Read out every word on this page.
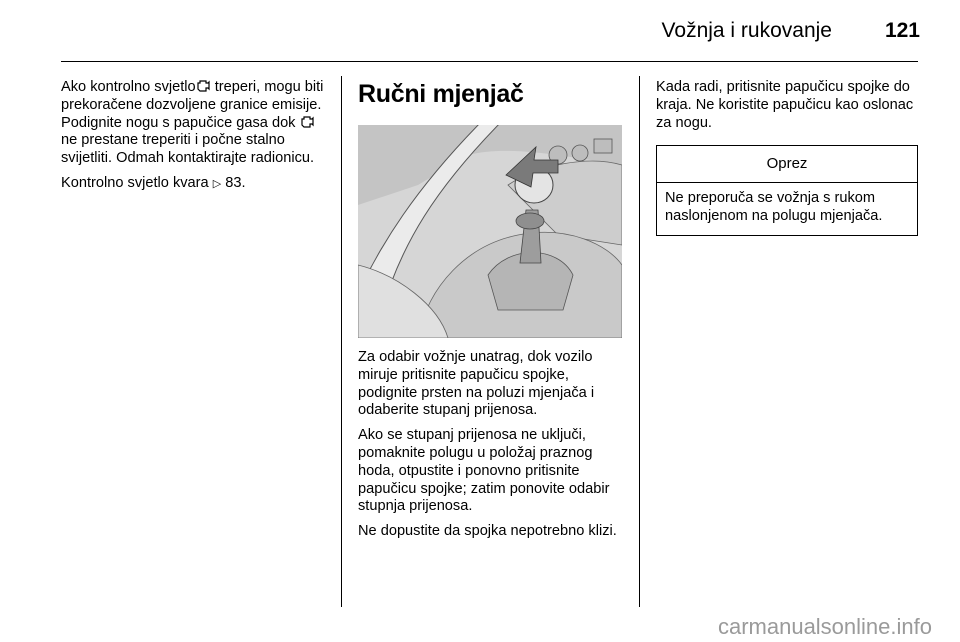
Vožnja i rukovanje	121

Ako kontrolno svjetlo treperi, mogu biti prekoračene dozvoljene granice emisije. Podignite nogu s papučice gasa dok  ne prestane treperiti i počne stalno svijetliti. Odmah kontaktirajte radionicu.

Kontrolno svjetlo kvara ▷ 83.

Ručni mjenjač

Za odabir vožnje unatrag, dok vozilo miruje pritisnite papučicu spojke, podignite prsten na poluzi mjenjača i odaberite stupanj prijenosa.

Ako se stupanj prijenosa ne uključi, pomaknite polugu u položaj praznog hoda, otpustite i ponovno pritisnite papučicu spojke; zatim ponovite odabir stupnja prijenosa.

Ne dopustite da spojka nepotrebno klizi.

Kada radi, pritisnite papučicu spojke do kraja. Ne koristite papučicu kao oslonac za nogu.

Oprez
Ne preporuča se vožnja s rukom naslonjenom na polugu mjenjača.
carmanualsonline.info
